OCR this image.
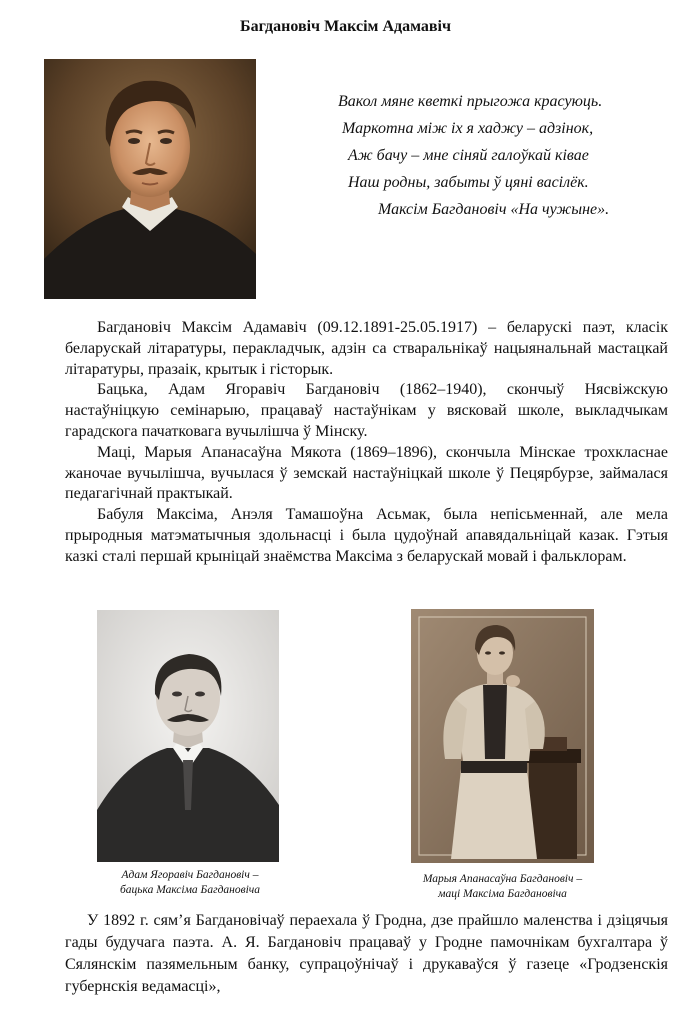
Багдановіч Максім Адамавіч
Вакол мяне кветкі прыгожа красуюць.
Маркотна між іх я хаджу – адзінок,
Аж бачу – мне сіняй галоўкай ківае
Наш родны, забыты ў цяні васілёк.
Максім Багдановіч «На чужыне».

Багдановіч Максім Адамавіч (09.12.1891-25.05.1917) – беларускі паэт, класік беларускай літаратуры, перакладчык, адзін са стваральнікаў нацыянальнай мастацкай літаратуры, празаік, крытык і гісторык.

Бацька, Адам Ягоравіч Багдановіч (1862–1940), скончыў Нясвіжскую настаўніцкую семінарыю, працаваў настаўнікам у вясковай школе, выкладчыкам гарадскога пачатковага вучылішча ў Мінску.

Маці, Марыя Апанасаўна Мякота (1869–1896), скончыла Мінскае трохкласнае жаночае вучылішча, вучылася ў земскай настаўніцкай школе ў Пецярбурзе, займалася педагагічнай практыкай.

Бабуля Максіма, Анэля Тамашоўна Асьмак, была непісьменнай, але мела прыродныя матэматычныя здольнасці і была цудоўнай апавядальніцай казак. Гэтыя казкі сталі першай крыніцай знаёмства Максіма з беларускай мовай і фальклорам.

Адам Ягоравіч Багдановіч –
бацька Максіма Багдановіча
Марыя Апанасаўна Багдановіч –
маці Максіма Багдановіча

У 1892 г. сям’я Багдановічаў пераехала ў Гродна, дзе прайшло маленства і дзіцячыя гады будучага паэта. А. Я. Багдановіч працаваў у Гродне памочнікам бухгалтара ў Сялянскім пазямельным банку, супрацоўнічаў і друкаваўся ў газеце «Гродзенскія губернскія ведамасці»,
